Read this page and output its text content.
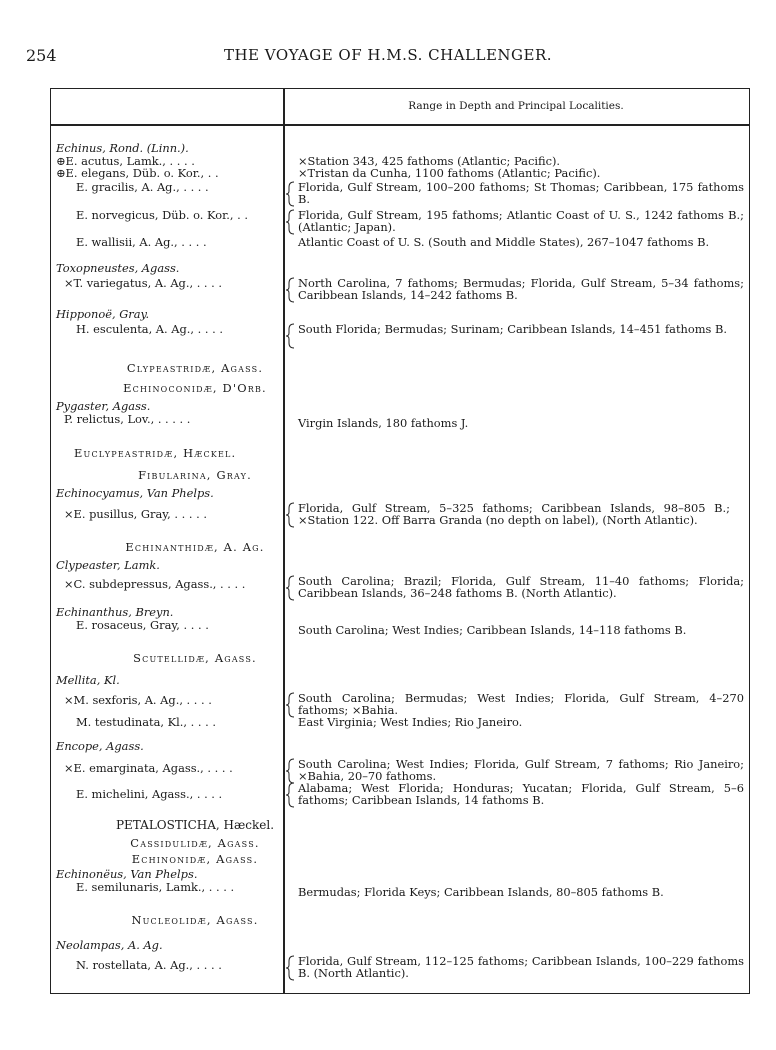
254	THE VOYAGE OF H.M.S. CHALLENGER.
Range in Depth and Principal Localities.
Echinus, Rond. (Linn.).
⊕E. acutus, Lamk., . . . .	×Station 343, 425 fathoms (Atlantic; Pacific).
⊕E. elegans, Düb. o. Kor., . .	×Tristan da Cunha, 1100 fathoms (Atlantic; Pacific).
E. gracilis, A. Ag., . . . .	Florida, Gulf Stream, 100–200 fathoms; St Thomas; Caribbean, 175 fathoms B.
E. norvegicus, Düb. o. Kor., . .	Florida, Gulf Stream, 195 fathoms; Atlantic Coast of U. S., 1242 fathoms B.; (Atlantic; Japan).
E. wallisii, A. Ag., . . . .	Atlantic Coast of U. S. (South and Middle States), 267–1047 fathoms B.
Toxopneustes, Agass.
×T. variegatus, A. Ag., . . . .	North Carolina, 7 fathoms; Bermudas; Florida, Gulf Stream, 5–34 fathoms; Caribbean Islands, 14–242 fathoms B.
Hipponoë, Gray.
H. esculenta, A. Ag., . . . .	South Florida; Bermudas; Surinam; Caribbean Islands, 14–451 fathoms B.
Clypeastridæ, Agass.
Echinoconidæ, D'Orb.
Pygaster, Agass.
P. relictus, Lov., . . . . .	Virgin Islands, 180 fathoms J.
Euclypeastridæ, Hæckel.
Fibularina, Gray.
Echinocyamus, Van Phelps.
×E. pusillus, Gray, . . . . .	Florida, Gulf Stream, 5–325 fathoms; Caribbean Islands, 98–805 B.; ×Station 122. Off Barra Granda (no depth on label), (North Atlantic).
Echinanthidæ, A. Ag.
Clypeaster, Lamk.
×C. subdepressus, Agass., . . . .	South Carolina; Brazil; Florida, Gulf Stream, 11–40 fathoms; Florida; Caribbean Islands, 36–248 fathoms B. (North Atlantic).
Echinanthus, Breyn.
E. rosaceus, Gray, . . . .	South Carolina; West Indies; Caribbean Islands, 14–118 fathoms B.
Scutellidæ, Agass.
Mellita, Kl.
×M. sexforis, A. Ag., . . . .	South Carolina; Bermudas; West Indies; Florida, Gulf Stream, 4–270 fathoms; ×Bahia.
M. testudinata, Kl., . . . .	East Virginia; West Indies; Rio Janeiro.
Encope, Agass.
×E. emarginata, Agass., . . . .	South Carolina; West Indies; Florida, Gulf Stream, 7 fathoms; Rio Janeiro; ×Bahia, 20–70 fathoms.
E. michelini, Agass., . . . .	Alabama; West Florida; Honduras; Yucatan; Florida, Gulf Stream, 5–6 fathoms; Caribbean Islands, 14 fathoms B.
PETALOSTICHA, Hæckel.
Cassidulidæ, Agass.
Echinonidæ, Agass.
Echinonëus, Van Phelps.
E. semilunaris, Lamk., . . . .	Bermudas; Florida Keys; Caribbean Islands, 80–805 fathoms B.
Nucleolidæ, Agass.
Neolampas, A. Ag.
N. rostellata, A. Ag., . . . .	Florida, Gulf Stream, 112–125 fathoms; Caribbean Islands, 100–229 fathoms B. (North Atlantic).
